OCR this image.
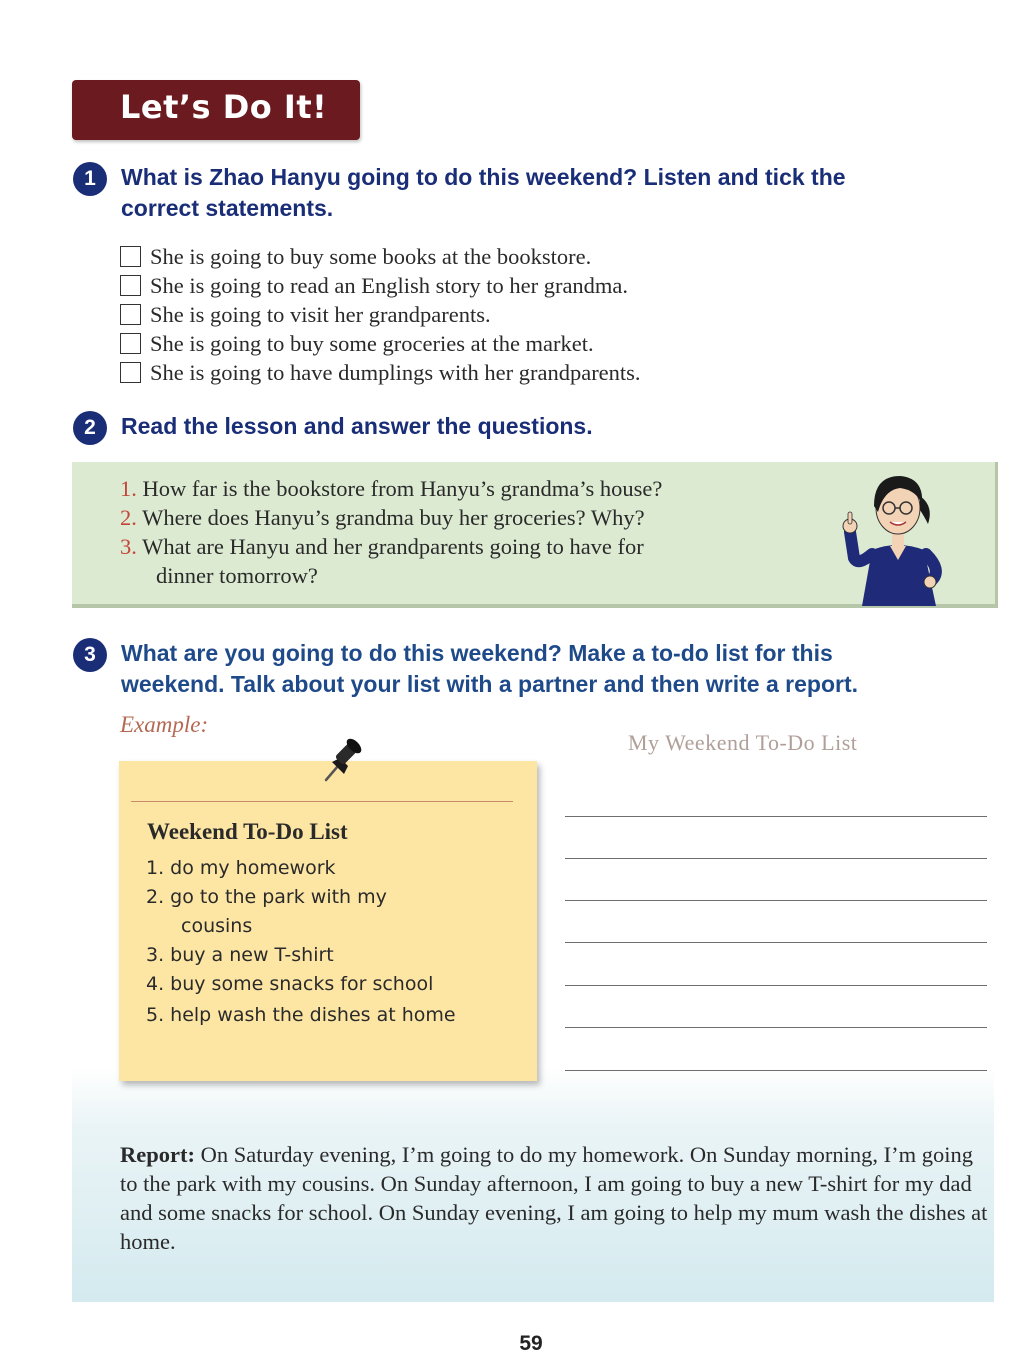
Let’s Do It!
1	What is Zhao Hanyu going to do this weekend? Listen and tick the
correct statements.
She is going to buy some books at the bookstore.
She is going to read an English story to her grandma.
She is going to visit her grandparents.
She is going to buy some groceries at the market.
She is going to have dumplings with her grandparents.
2	Read the lesson and answer the questions.
1. How far is the bookstore from Hanyu’s grandma’s house?
2. Where does Hanyu’s grandma buy her groceries? Why?
3. What are Hanyu and her grandparents going to have for
dinner tomorrow?
3	What are you going to do this weekend? Make a to-do list for this
weekend. Talk about your list with a partner and then write a report.
Example:
My Weekend To-Do List
Weekend To-Do List
1. do my homework
2. go to the park with my
cousins
3. buy a new T-shirt
4. buy some snacks for school
5. help wash the dishes at home
Report: On Saturday evening, I’m going to do my homework. On Sunday morning, I’m going to the park with my cousins. On Sunday afternoon, I am going to buy a new T-shirt for my dad and some snacks for school. On Sunday evening, I am going to help my mum wash the dishes at home.
59
